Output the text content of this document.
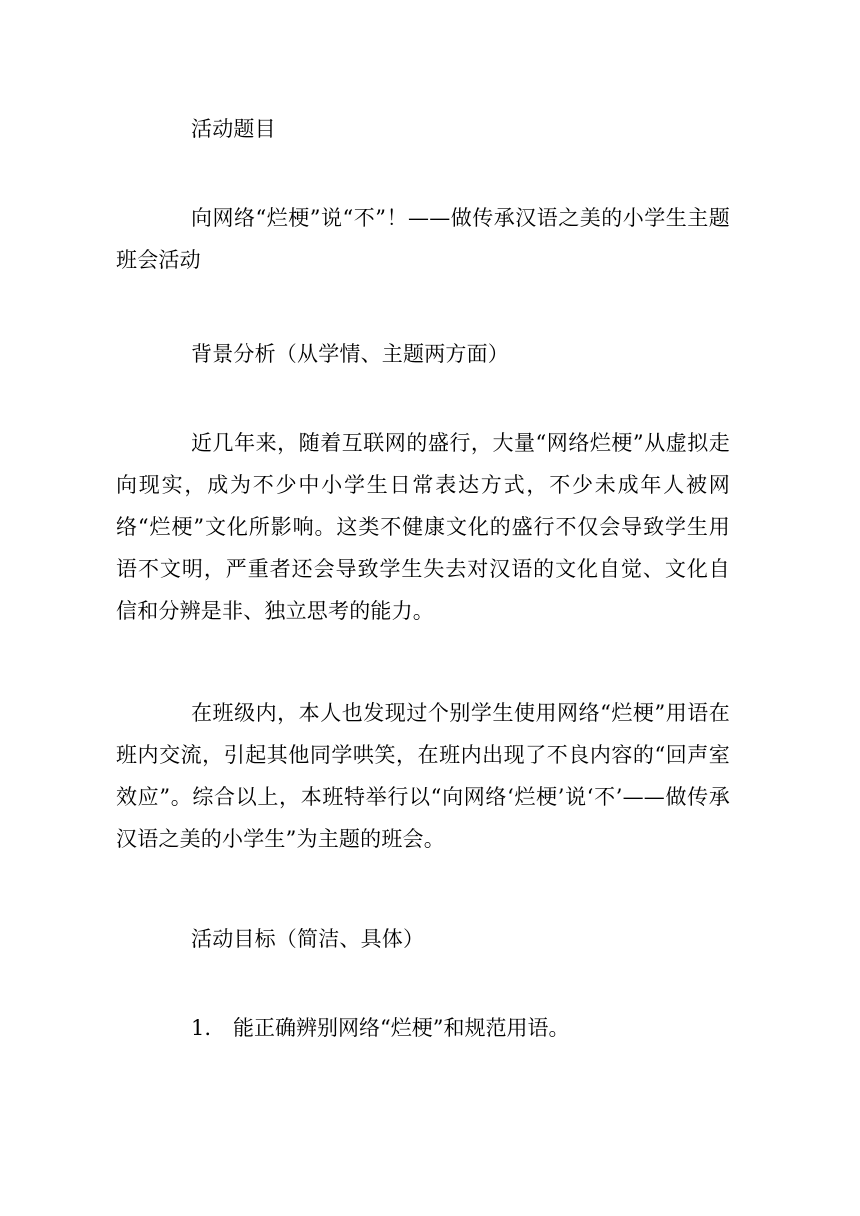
活动题目

向网络“烂梗”说“不”！——做传承汉语之美的小学生主题班会活动

背景分析（从学情、主题两方面）

近几年来，随着互联网的盛行，大量“网络烂梗”从虚拟走向现实，成为不少中小学生日常表达方式，不少未成年人被网络“烂梗”文化所影响。这类不健康文化的盛行不仅会导致学生用语不文明，严重者还会导致学生失去对汉语的文化自觉、文化自信和分辨是非、独立思考的能力。

在班级内，本人也发现过个别学生使用网络“烂梗”用语在班内交流，引起其他同学哄笑，在班内出现了不良内容的“回声室效应”。综合以上，本班特举行以“向网络‘烂梗’说‘不’——做传承汉语之美的小学生”为主题的班会。

活动目标（简洁、具体）

1. 能正确辨别网络“烂梗”和规范用语。
